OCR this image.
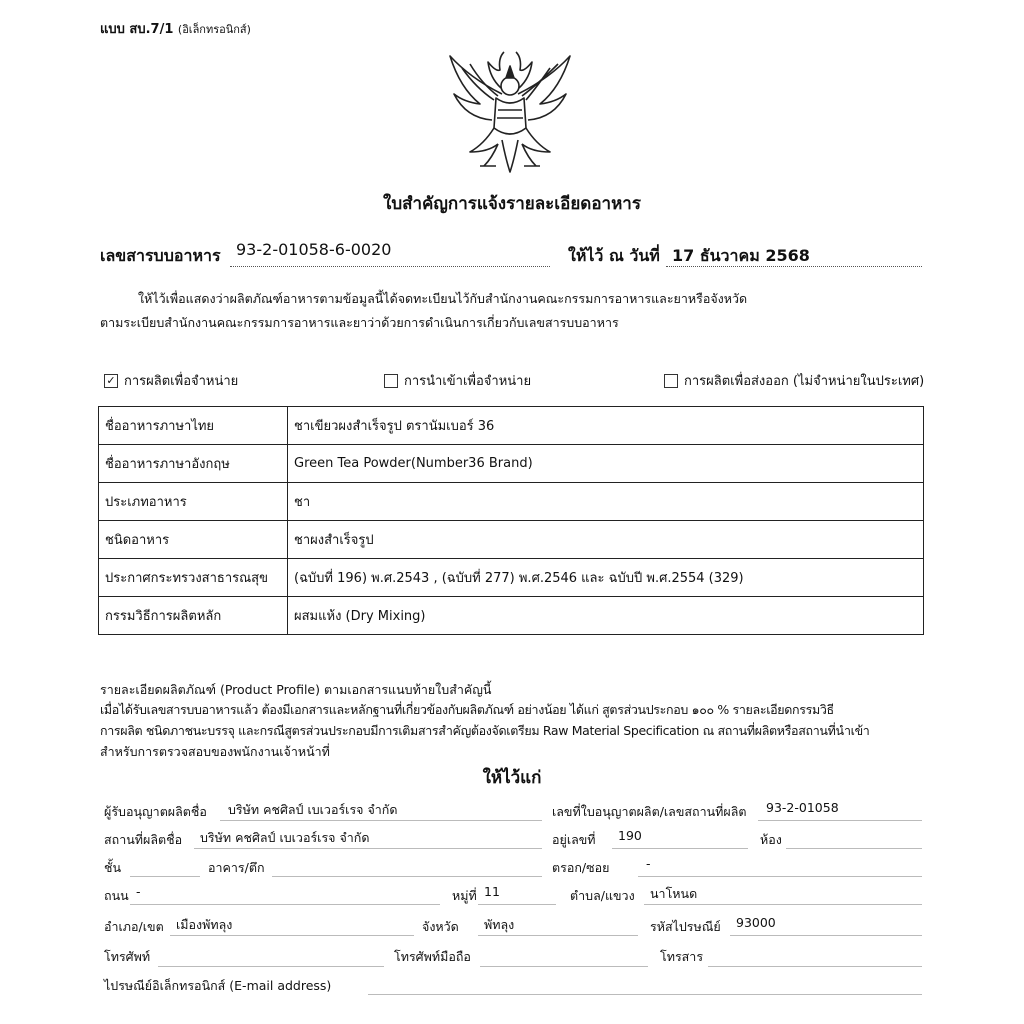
แบบ สบ.7/1 (อิเล็กทรอนิกส์)
ใบสำคัญการแจ้งรายละเอียดอาหาร
เลขสารบบอาหาร 93-2-01058-6-0020	ให้ไว้ ณ วันที่ 17 ธันวาคม 2568
ให้ไว้เพื่อแสดงว่าผลิตภัณฑ์อาหารตามข้อมูลนี้ได้จดทะเบียนไว้กับสำนักงานคณะกรรมการอาหารและยาหรือจังหวัด
ตามระเบียบสำนักงานคณะกรรมการอาหารและยาว่าด้วยการดำเนินการเกี่ยวกับเลขสารบบอาหาร
✓ การผลิตเพื่อจำหน่าย	การนำเข้าเพื่อจำหน่าย	การผลิตเพื่อส่งออก (ไม่จำหน่ายในประเทศ)
ชื่ออาหารภาษาไทย	ชาเขียวผงสำเร็จรูป ตรานัมเบอร์ 36
ชื่ออาหารภาษาอังกฤษ	Green Tea Powder(Number36 Brand)
ประเภทอาหาร	ชา
ชนิดอาหาร	ชาผงสำเร็จรูป
ประกาศกระทรวงสาธารณสุข	(ฉบับที่ 196) พ.ศ.2543 , (ฉบับที่ 277) พ.ศ.2546 และ ฉบับปี พ.ศ.2554 (329)
กรรมวิธีการผลิตหลัก	ผสมแห้ง (Dry Mixing)
รายละเอียดผลิตภัณฑ์ (Product Profile) ตามเอกสารแนบท้ายใบสำคัญนี้
เมื่อได้รับเลขสารบบอาหารแล้ว ต้องมีเอกสารและหลักฐานที่เกี่ยวข้องกับผลิตภัณฑ์ อย่างน้อย ได้แก่ สูตรส่วนประกอบ ๑๐๐ % รายละเอียดกรรมวิธี
การผลิต ชนิดภาชนะบรรจุ และกรณีสูตรส่วนประกอบมีการเติมสารสำคัญต้องจัดเตรียม Raw Material Specification ณ สถานที่ผลิตหรือสถานที่นำเข้า
สำหรับการตรวจสอบของพนักงานเจ้าหน้าที่
ให้ไว้แก่
ผู้รับอนุญาตผลิตชื่อ บริษัท คชศิลป์ เบเวอร์เรจ จำกัด	เลขที่ใบอนุญาตผลิต/เลขสถานที่ผลิต 93-2-01058
สถานที่ผลิตชื่อ บริษัท คชศิลป์ เบเวอร์เรจ จำกัด	อยู่เลขที่ 190	ห้อง
ชั้น	อาคาร/ตึก	ตรอก/ซอย	-
ถนน -	หมู่ที่ 11	ตำบล/แขวง นาโหนด
อำเภอ/เขต เมืองพัทลุง	จังหวัด พัทลุง	รหัสไปรษณีย์ 93000
โทรศัพท์	โทรศัพท์มือถือ	โทรสาร
ไปรษณีย์อิเล็กทรอนิกส์ (E-mail address)
